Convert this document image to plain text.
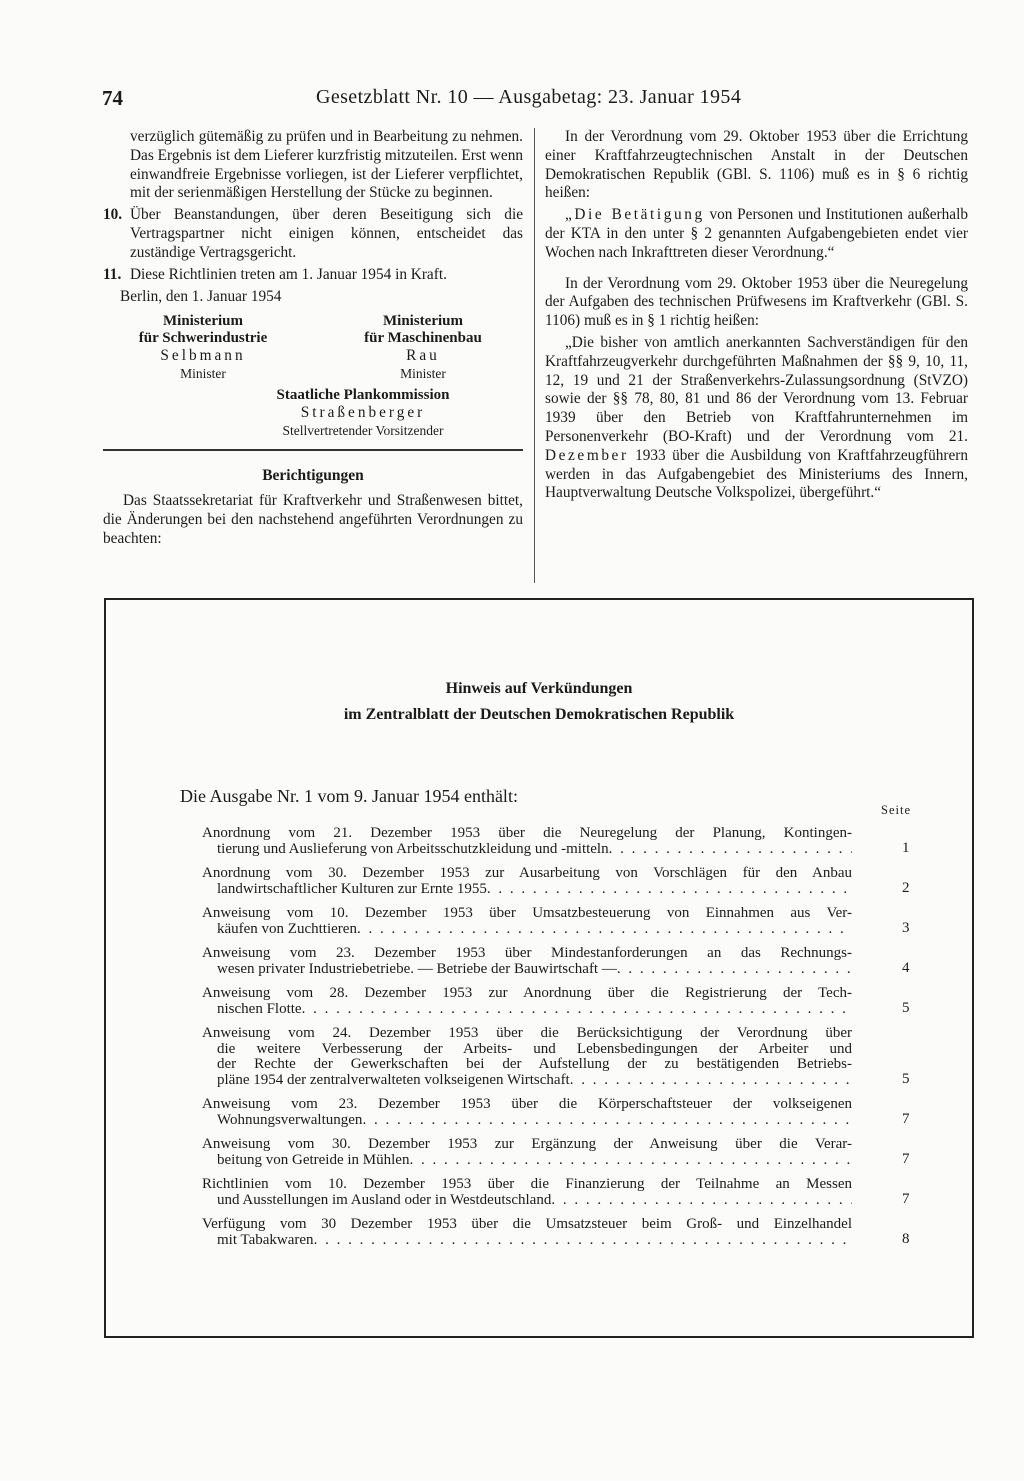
74	Gesetzblatt Nr. 10 — Ausgabetag: 23. Januar 1954
verzüglich gütemäßig zu prüfen und in Bearbeitung zu nehmen. Das Ergebnis ist dem Lieferer kurzfristig mitzuteilen. Erst wenn einwandfreie Ergebnisse vorliegen, ist der Lieferer verpflichtet, mit der serienmäßigen Herstellung der Stücke zu beginnen.
10. Über Beanstandungen, über deren Beseitigung sich die Vertragspartner nicht einigen können, entscheidet das zuständige Vertragsgericht.
11. Diese Richtlinien treten am 1. Januar 1954 in Kraft.

Berlin, den 1. Januar 1954

Ministerium
für Schwerindustrie
Selbmann
Minister
Ministerium
für Maschinenbau
Rau
Minister
Staatliche Plankommission
Straßenberger
Stellvertretender Vorsitzender
Berichtigungen

Das Staatssekretariat für Kraftverkehr und Straßenwesen bittet, die Änderungen bei den nachstehend angeführten Verordnungen zu beachten:

In der Verordnung vom 29. Oktober 1953 über die Errichtung einer Kraftfahrzeugtechnischen Anstalt in der Deutschen Demokratischen Republik (GBl. S. 1106) muß es in § 6 richtig heißen:

„Die Betätigung von Personen und Institutionen außerhalb der KTA in den unter § 2 genannten Aufgabengebieten endet vier Wochen nach Inkrafttreten dieser Verordnung.“

In der Verordnung vom 29. Oktober 1953 über die Neuregelung der Aufgaben des technischen Prüfwesens im Kraftverkehr (GBl. S. 1106) muß es in § 1 richtig heißen:

„Die bisher von amtlich anerkannten Sachverständigen für den Kraftfahrzeugverkehr durchgeführten Maßnahmen der §§ 9, 10, 11, 12, 19 und 21 der Straßenverkehrs-Zulassungsordnung (StVZO) sowie der §§ 78, 80, 81 und 86 der Verordnung vom 13. Februar 1939 über den Betrieb von Kraftfahrunternehmen im Personenverkehr (BO-Kraft) und der Verordnung vom 21. Dezember 1933 über die Ausbildung von Kraftfahrzeugführern werden in das Aufgabengebiet des Ministeriums des Innern, Hauptverwaltung Deutsche Volkspolizei, übergeführt.“

Hinweis auf Verkündungen
im Zentralblatt der Deutschen Demokratischen Republik
Die Ausgabe Nr. 1 vom 9. Januar 1954 enthält:
Seite
Anordnung vom 21. Dezember 1953 über die Neuregelung der Planung, Kontingen-
tierung und Auslieferung von Arbeitsschutzkleidung und -mitteln . . .	1
Anordnung vom 30. Dezember 1953 zur Ausarbeitung von Vorschlägen für den Anbau
landwirtschaftlicher Kulturen zur Ernte 1955 . . .	2
Anweisung vom 10. Dezember 1953 über Umsatzbesteuerung von Einnahmen aus Ver-
käufen von Zuchttieren . . .	3
Anweisung vom 23. Dezember 1953 über Mindestanforderungen an das Rechnungs-
wesen privater Industriebetriebe. — Betriebe der Bauwirtschaft — . . .	4
Anweisung vom 28. Dezember 1953 zur Anordnung über die Registrierung der Tech-
nischen Flotte . . .	5
Anweisung vom 24. Dezember 1953 über die Berücksichtigung der Verordnung über
die weitere Verbesserung der Arbeits- und Lebensbedingungen der Arbeiter und
der Rechte der Gewerkschaften bei der Aufstellung der zu bestätigenden Betriebs-
pläne 1954 der zentralverwalteten volkseigenen Wirtschaft . . .	5
Anweisung vom 23. Dezember 1953 über die Körperschaftsteuer der volkseigenen
Wohnungsverwaltungen . . .	7
Anweisung vom 30. Dezember 1953 zur Ergänzung der Anweisung über die Verar-
beitung von Getreide in Mühlen . . .	7
Richtlinien vom 10. Dezember 1953 über die Finanzierung der Teilnahme an Messen
und Ausstellungen im Ausland oder in Westdeutschland . . .	7
Verfügung vom 30 Dezember 1953 über die Umsatzsteuer beim Groß- und Einzelhandel
mit Tabakwaren . . .	8
